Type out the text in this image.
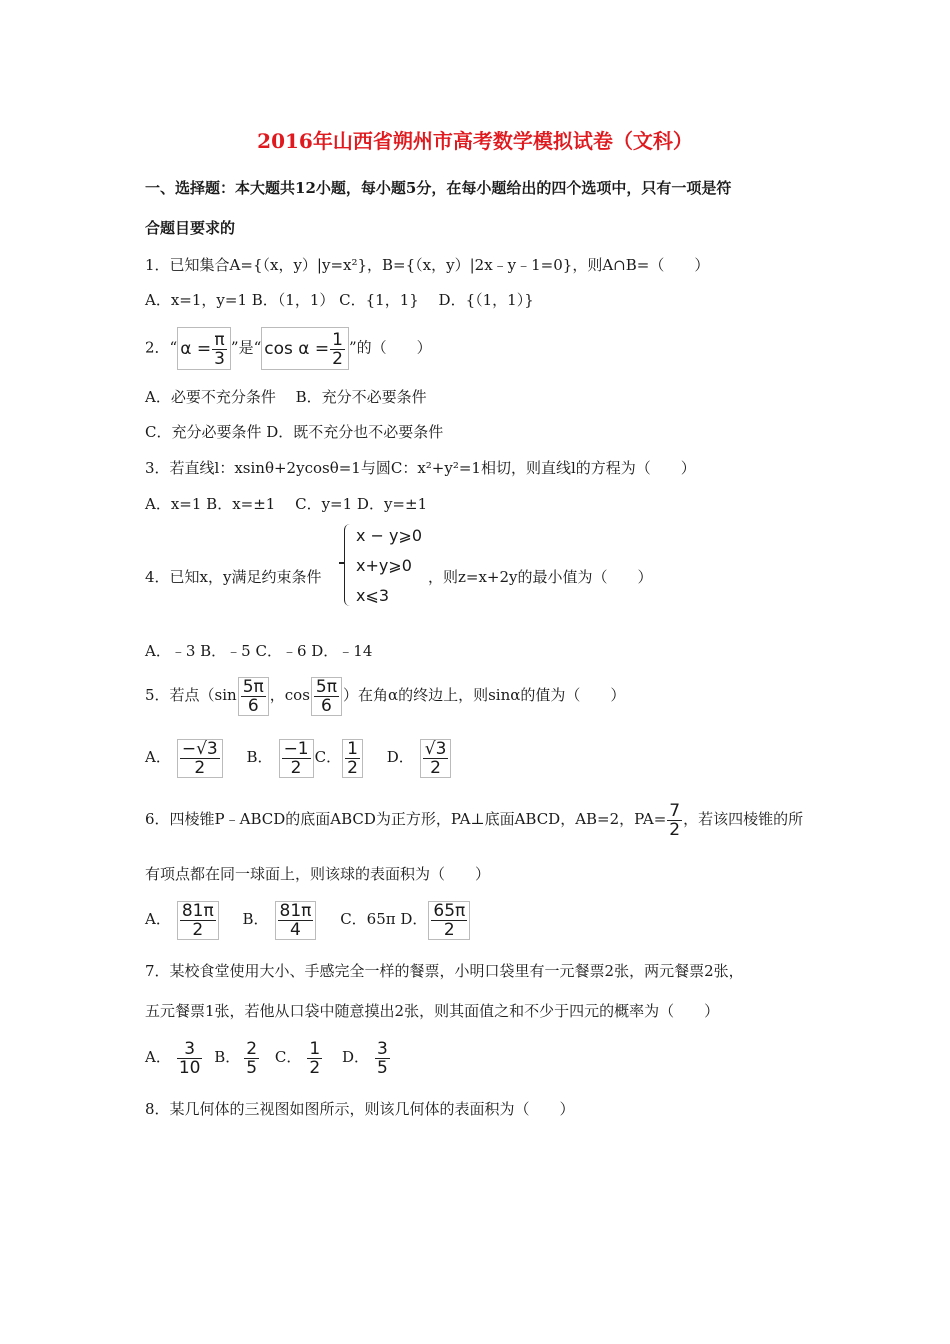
2016年山西省朔州市高考数学模拟试卷（文科）
一、选择题：本大题共12小题，每小题5分，在每小题给出的四个选项中，只有一项是符
合题目要求的
1．已知集合A={（x，y）|y=x²}，B={（x，y）|2x﹣y﹣1=0}，则A∩B=（　　）
A．x=1，y=1 B．（1，1） C．{1，1}　 D．{（1，1）}
2．“ $\alpha = \frac{\pi}{3}$ ”是“ $\cos \alpha = \frac{1}{2}$ ”的（　　）
A．必要不充分条件　 B．充分不必要条件
C．充分必要条件 D．既不充分也不必要条件
3．若直线l：xsinθ+2ycosθ=1与圆C：x²+y²=1相切，则直线l的方程为（　　）
A．x=1 B．x=±1　 C．y=1 D．y=±1
4．已知x，y满足约束条件
x − y⩾0
x+y⩾0
x⩽3
，则z=x+2y的最小值为（　　）
A．﹣3 B．﹣5 C．﹣6 D．﹣14
5．若点（$\sin \frac{5\pi}{6}$ ，$\cos \frac{5\pi}{6}$ ）在角α的终边上，则sinα的值为（　　）
A． $\frac{-√3}{2}$ B． $\frac{-1}{2}$ C． $\frac{1}{2}$ D． $\frac{√3}{2}$
6．四棱锥P﹣ABCD的底面ABCD为正方形，PA⊥底面ABCD，AB=2，$PA= \frac{7}{2}$ ，若该四棱锥的所
有项点都在同一球面上，则该球的表面积为（　　）
A． $\frac{81\pi}{2}$ B． $\frac{81\pi}{4}$ C．65π D． $\frac{65\pi}{2}$
7．某校食堂使用大小、手感完全一样的餐票，小明口袋里有一元餐票2张，两元餐票2张，
五元餐票1张，若他从口袋中随意摸出2张，则其面值之和不少于四元的概率为（　　）
A． $\frac{3}{10}$ B． $\frac{2}{5}$ C． $\frac{1}{2}$ D． $\frac{3}{5}$
8．某几何体的三视图如图所示，则该几何体的表面积为（　　）
